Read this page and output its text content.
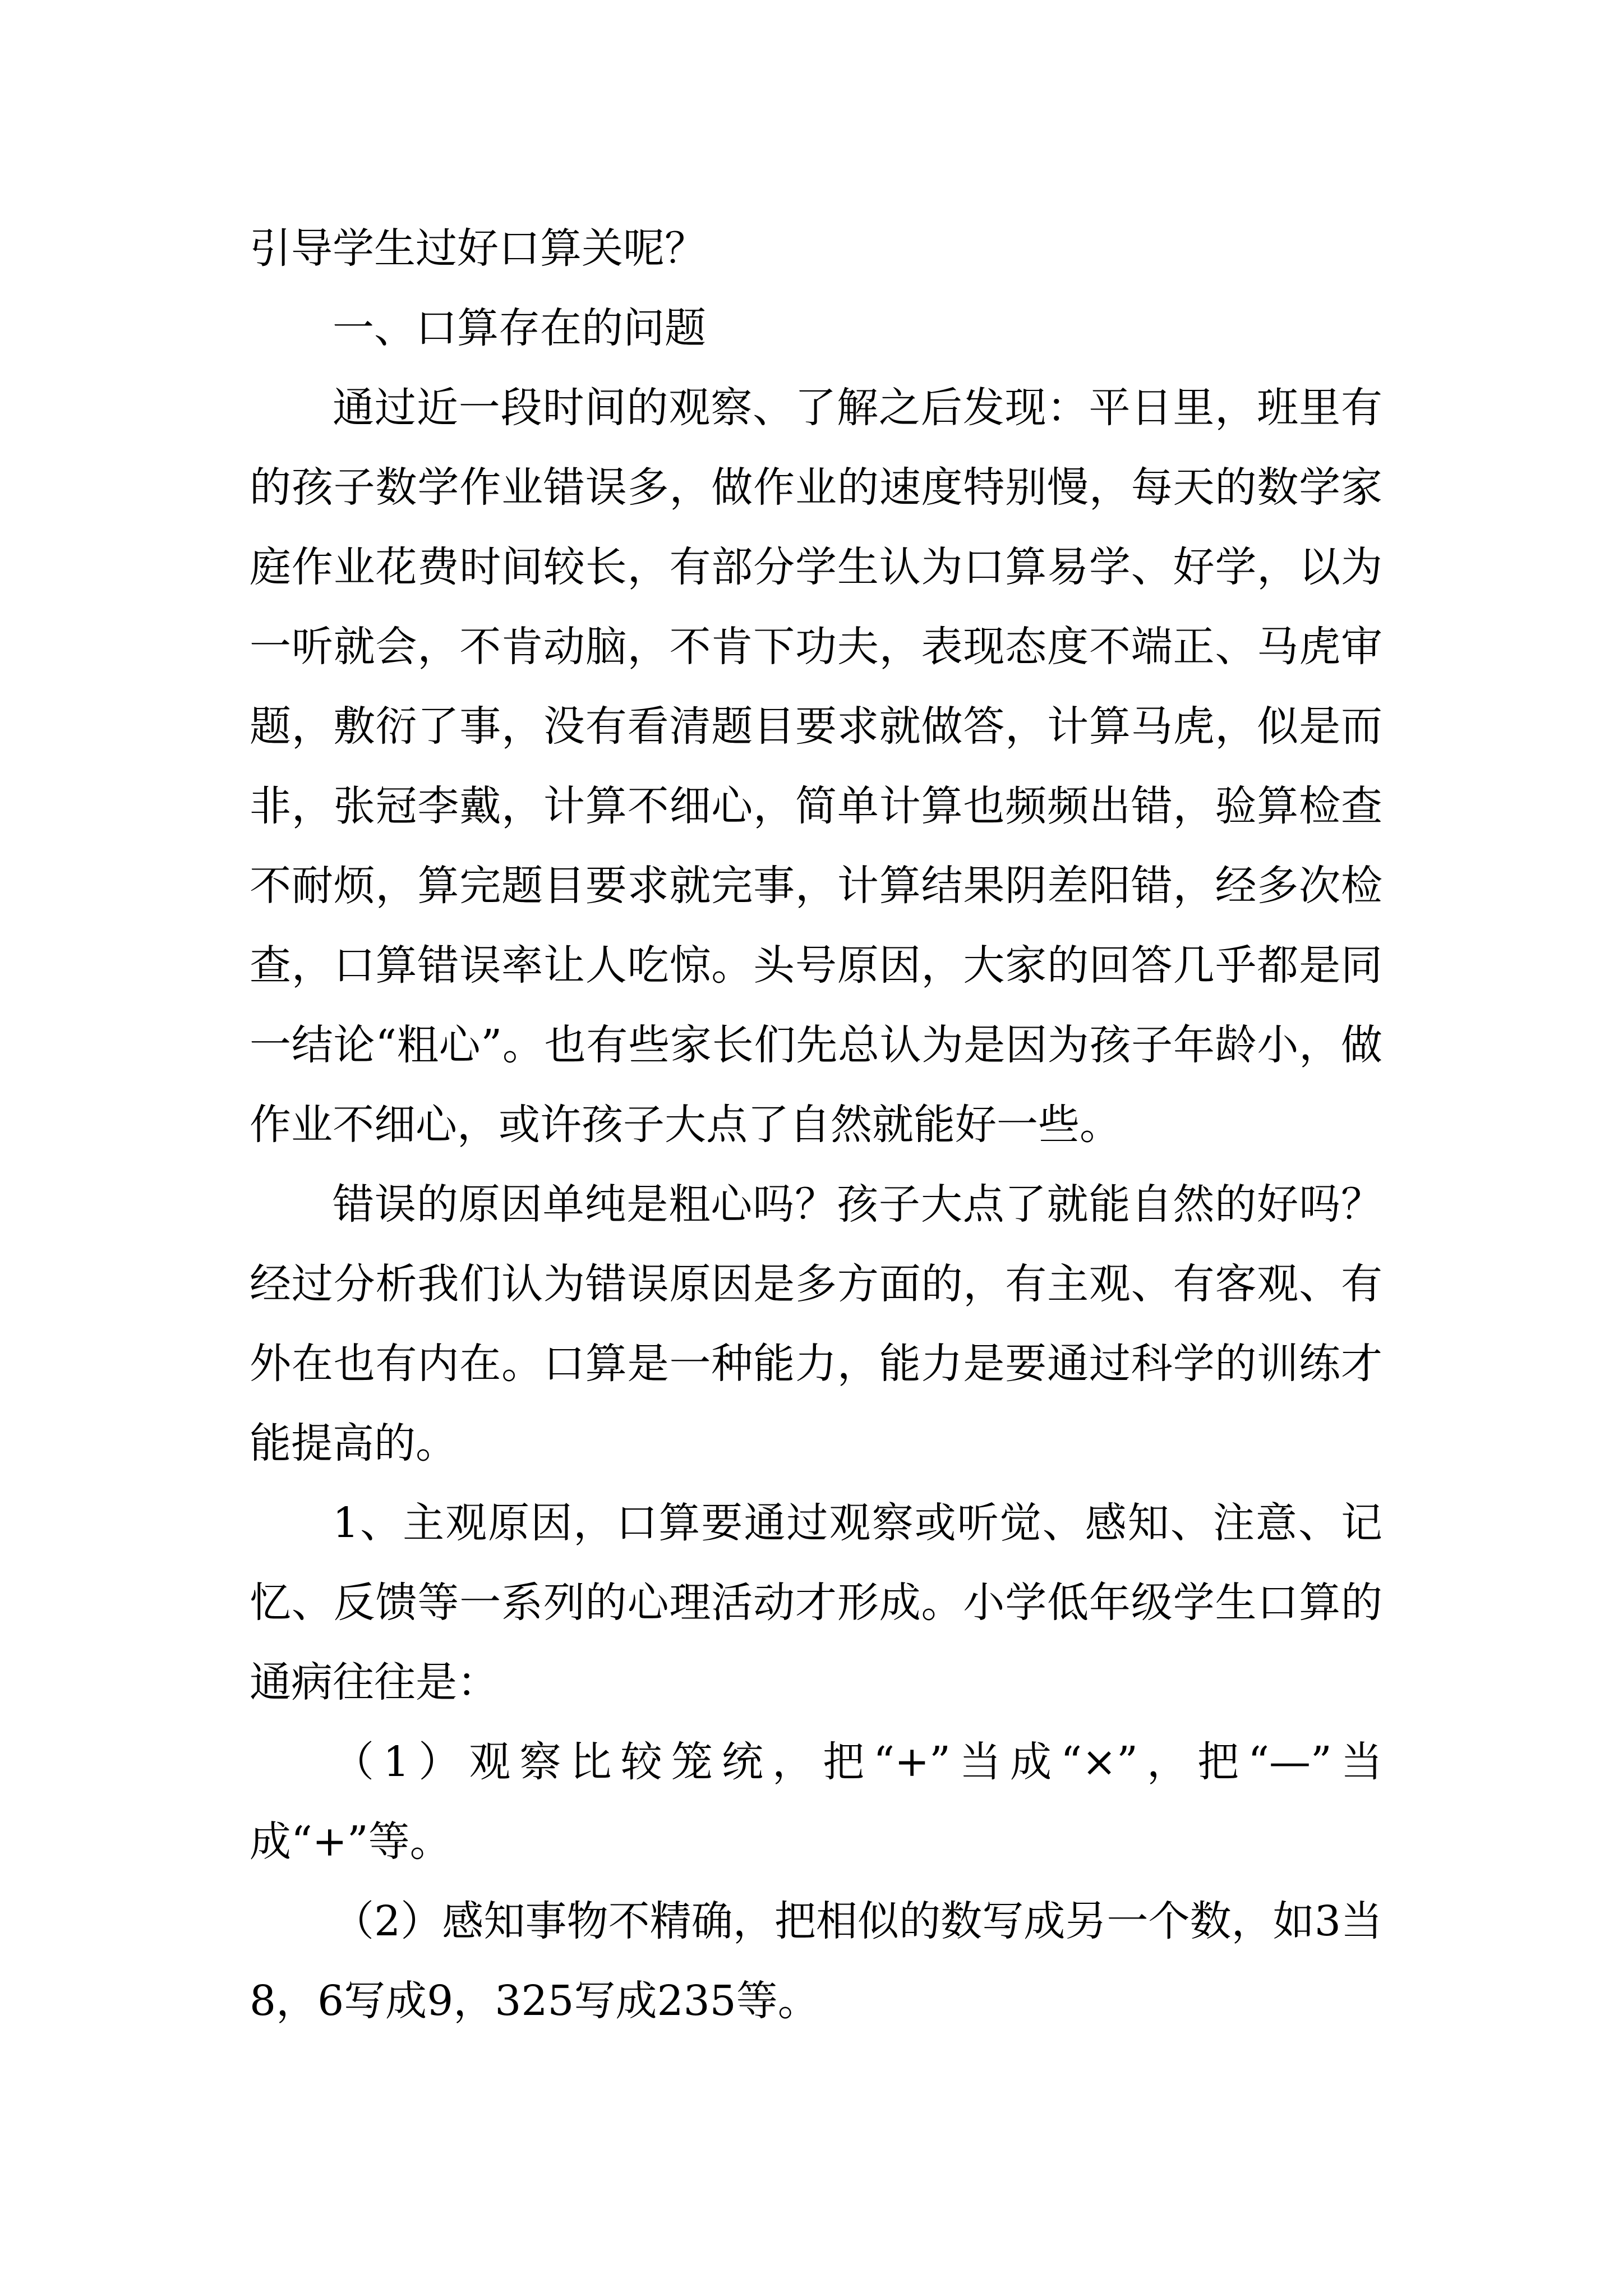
引导学生过好口算关呢？

一、口算存在的问题

通过近一段时间的观察、了解之后发现：平日里，班里有的孩子数学作业错误多，做作业的速度特别慢，每天的数学家庭作业花费时间较长，有部分学生认为口算易学、好学，以为一听就会，不肯动脑，不肯下功夫，表现态度不端正、马虎审题，敷衍了事，没有看清题目要求就做答，计算马虎，似是而非，张冠李戴，计算不细心，简单计算也频频出错，验算检查不耐烦，算完题目要求就完事，计算结果阴差阳错，经多次检查，口算错误率让人吃惊。头号原因，大家的回答几乎都是同一结论“粗心”。也有些家长们先总认为是因为孩子年龄小，做作业不细心，或许孩子大点了自然就能好一些。

错误的原因单纯是粗心吗？孩子大点了就能自然的好吗？经过分析我们认为错误原因是多方面的，有主观、有客观、有外在也有内在。口算是一种能力，能力是要通过科学的训练才能提高的。

1、主观原因，口算要通过观察或听觉、感知、注意、记忆、反馈等一系列的心理活动才形成。小学低年级学生口算的通病往往是：

（1）观察比较笼统，把“+”当成“×”，把“—”当成“+”等。

（2）感知事物不精确，把相似的数写成另一个数，如3当8，6写成9，325写成235等。
